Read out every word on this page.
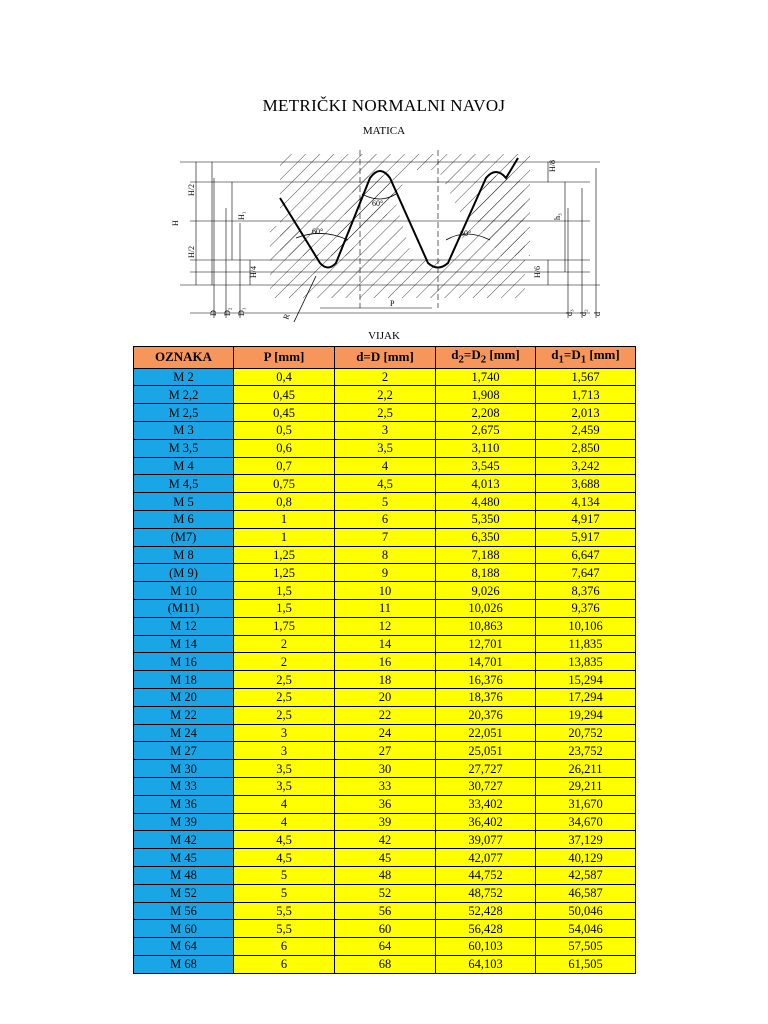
METRIČKI NORMALNI NAVOJ
MATICA
H
H/2
H/2
H₁
H/4
H/8
h₃
H/6
D D₂ D₁	d₃ d₂ d
P
R
60°
60°	60°
VIJAK
OZNAKA	P [mm]	d=D [mm]	$d_2=D_2$ [mm]	$d_1=D_1$ [mm]
M 2	0,4	2	1,740	1,567
M 2,2	0,45	2,2	1,908	1,713
M 2,5	0,45	2,5	2,208	2,013
M 3	0,5	3	2,675	2,459
M 3,5	0,6	3,5	3,110	2,850
M 4	0,7	4	3,545	3,242
M 4,5	0,75	4,5	4,013	3,688
M 5	0,8	5	4,480	4,134
M 6	1	6	5,350	4,917
(M7)	1	7	6,350	5,917
M 8	1,25	8	7,188	6,647
(M 9)	1,25	9	8,188	7,647
M 10	1,5	10	9,026	8,376
(M11)	1,5	11	10,026	9,376
M 12	1,75	12	10,863	10,106
M 14	2	14	12,701	11,835
M 16	2	16	14,701	13,835
M 18	2,5	18	16,376	15,294
M 20	2,5	20	18,376	17,294
M 22	2,5	22	20,376	19,294
M 24	3	24	22,051	20,752
M 27	3	27	25,051	23,752
M 30	3,5	30	27,727	26,211
M 33	3,5	33	30,727	29,211
M 36	4	36	33,402	31,670
M 39	4	39	36,402	34,670
M 42	4,5	42	39,077	37,129
M 45	4,5	45	42,077	40,129
M 48	5	48	44,752	42,587
M 52	5	52	48,752	46,587
M 56	5,5	56	52,428	50,046
M 60	5,5	60	56,428	54,046
M 64	6	64	60,103	57,505
M 68	6	68	64,103	61,505
